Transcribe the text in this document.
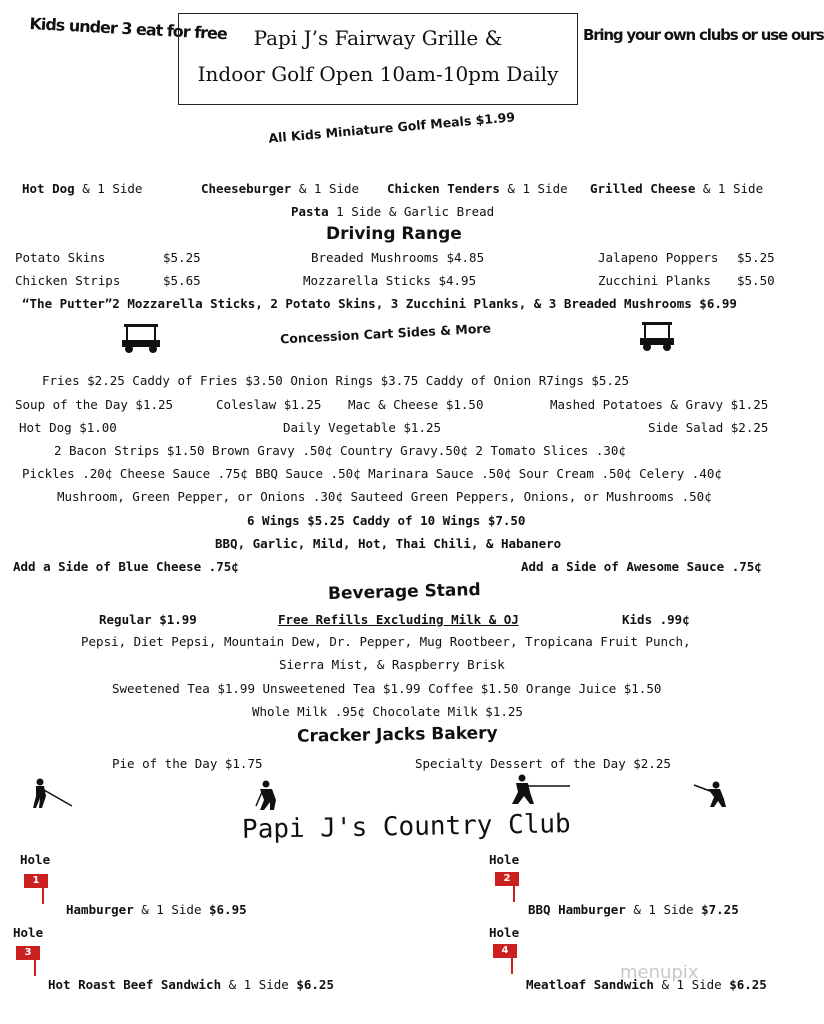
Kids under 3 eat for free	Papi J’s Fairway Grille &
Indoor Golf Open 10am-10pm Daily
Bring your own clubs or use ours
All Kids Miniature Golf Meals $1.99
Hot Dog & 1 Side	Cheeseburger & 1 Side Chicken Tenders & 1 Side Grilled Cheese & 1 Side
Pasta 1 Side & Garlic Bread
Driving Range
Potato Skins	$5.25	Breaded Mushrooms $4.85	Jalapeno Poppers $5.25
Chicken Strips	$5.65	Mozzarella Sticks $4.95	Zucchini Planks $5.50
“The Putter”2 Mozzarella Sticks, 2 Potato Skins, 3 Zucchini Planks, & 3 Breaded Mushrooms $6.99
Concession Cart Sides & More
Fries $2.25 Caddy of Fries $3.50 Onion Rings $3.75 Caddy of Onion R7ings $5.25
Soup of the Day $1.25	Coleslaw $1.25 Mac & Cheese $1.50	Mashed Potatoes & Gravy $1.25
Hot Dog $1.00	Daily Vegetable $1.25	Side Salad $2.25
2 Bacon Strips $1.50 Brown Gravy .50¢ Country Gravy.50¢ 2 Tomato Slices .30¢
Pickles .20¢ Cheese Sauce .75¢ BBQ Sauce .50¢ Marinara Sauce .50¢ Sour Cream .50¢ Celery .40¢
Mushroom, Green Pepper, or Onions .30¢ Sauteed Green Peppers, Onions, or Mushrooms .50¢
6 Wings $5.25 Caddy of 10 Wings $7.50
BBQ, Garlic, Mild, Hot, Thai Chili, & Habanero
Add a Side of Blue Cheese .75¢	Add a Side of Awesome Sauce .75¢
Beverage Stand
Regular $1.99	Free Refills Excluding Milk & OJ	Kids .99¢
Pepsi, Diet Pepsi, Mountain Dew, Dr. Pepper, Mug Rootbeer, Tropicana Fruit Punch,
Sierra Mist, & Raspberry Brisk
Sweetened Tea $1.99 Unsweetened Tea $1.99 Coffee $1.50 Orange Juice $1.50
Whole Milk .95¢ Chocolate Milk $1.25
Cracker Jacks Bakery
Pie of the Day $1.75	Specialty Dessert of the Day $2.25
Papi J's Country Club
Hole
1
Hamburger & 1 Side $6.95
Hole
2
BBQ Hamburger & 1 Side $7.25
Hole
3
Hot Roast Beef Sandwich & 1 Side $6.25
Hole
4
Meatloaf Sandwich & 1 Side $6.25
menupix
